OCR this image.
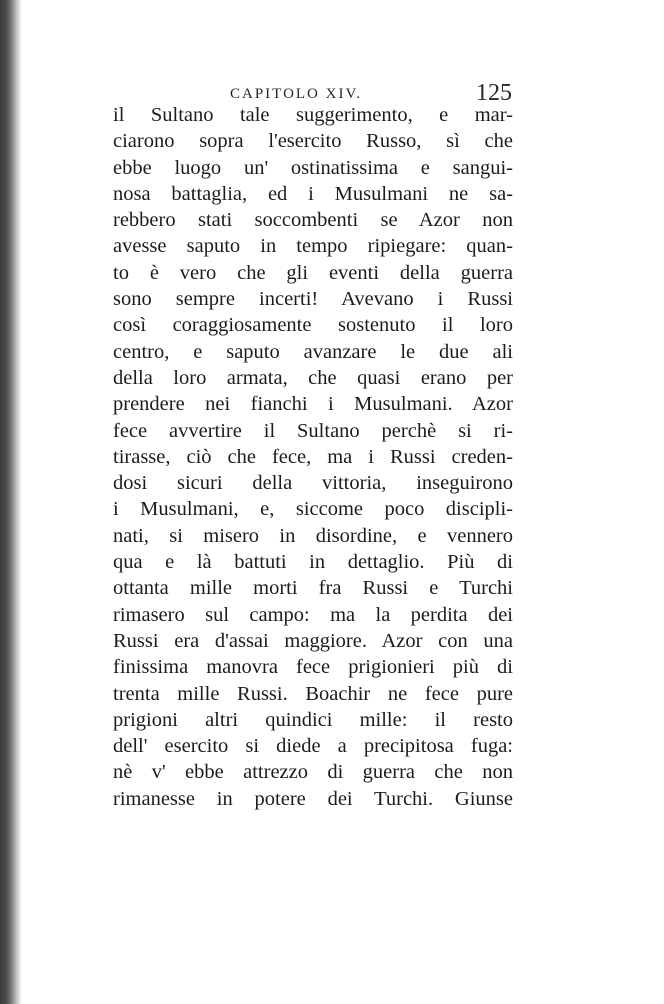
CAPITOLO XIV.	125
il Sultano tale suggerimento, e mar-
ciarono sopra l'esercito Russo, sì che
ebbe luogo un' ostinatissima e sangui-
nosa battaglia, ed i Musulmani ne sa-
rebbero stati soccombenti se Azor non
avesse saputo in tempo ripiegare: quan-
to è vero che gli eventi della guerra
sono sempre incerti! Avevano i Russi
così coraggiosamente sostenuto il loro
centro, e saputo avanzare le due ali
della loro armata, che quasi erano per
prendere nei fianchi i Musulmani. Azor
fece avvertire il Sultano perchè si ri-
tirasse, ciò che fece, ma i Russi creden-
dosi sicuri della vittoria, inseguirono
i Musulmani, e, siccome poco discipli-
nati, si misero in disordine, e vennero
qua e là battuti in dettaglio. Più di
ottanta mille morti fra Russi e Turchi
rimasero sul campo: ma la perdita dei
Russi era d'assai maggiore. Azor con una
finissima manovra fece prigionieri più di
trenta mille Russi. Boachir ne fece pure
prigioni altri quindici mille: il resto
dell' esercito si diede a precipitosa fuga:
nè v' ebbe attrezzo di guerra che non
rimanesse in potere dei Turchi. Giunse
